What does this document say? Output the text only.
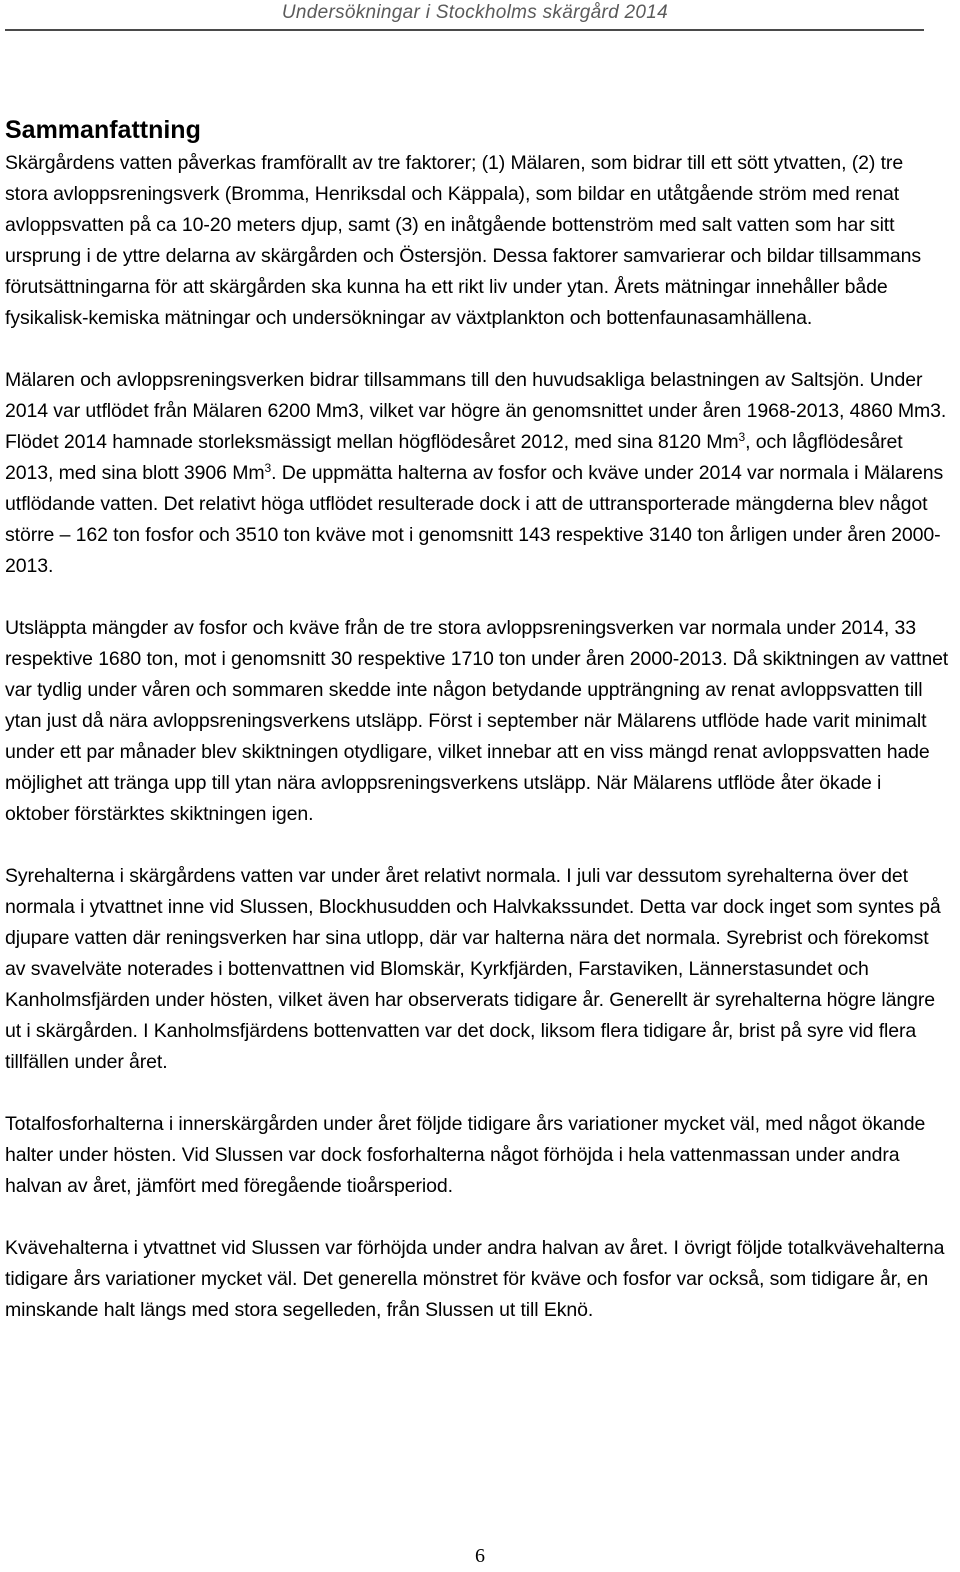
Undersökningar i Stockholms skärgård 2014
Sammanfattning

Skärgårdens vatten påverkas framförallt av tre faktorer; (1) Mälaren, som bidrar till ett sött ytvatten, (2) tre stora avloppsreningsverk (Bromma, Henriksdal och Käppala), som bildar en utåtgående ström med renat avloppsvatten på ca 10-20 meters djup, samt (3) en inåtgående bottenström med salt vatten som har sitt ursprung i de yttre delarna av skärgården och Östersjön. Dessa faktorer samvarierar och bildar tillsammans förutsättningarna för att skärgården ska kunna ha ett rikt liv under ytan. Årets mätningar innehåller både fysikalisk-kemiska mätningar och undersökningar av växtplankton och bottenfaunasamhällena.

Mälaren och avloppsreningsverken bidrar tillsammans till den huvudsakliga belastningen av Saltsjön. Under 2014 var utflödet från Mälaren 6200 Mm3, vilket var högre än genomsnittet under åren 1968-2013, 4860 Mm3. Flödet 2014 hamnade storleksmässigt mellan högflödesåret 2012, med sina 8120 Mm$^3$, och lågflödesåret 2013, med sina blott 3906 Mm$^3$. De uppmätta halterna av fosfor och kväve under 2014 var normala i Mälarens utflödande vatten. Det relativt höga utflödet resulterade dock i att de uttransporterade mängderna blev något större – 162 ton fosfor och 3510 ton kväve mot i genomsnitt 143 respektive 3140 ton årligen under åren 2000-2013.

Utsläppta mängder av fosfor och kväve från de tre stora avloppsreningsverken var normala under 2014, 33 respektive 1680 ton, mot i genomsnitt 30 respektive 1710 ton under åren 2000-2013. Då skiktningen av vattnet var tydlig under våren och sommaren skedde inte någon betydande uppträngning av renat avloppsvatten till ytan just då nära avloppsreningsverkens utsläpp. Först i september när Mälarens utflöde hade varit minimalt under ett par månader blev skiktningen otydligare, vilket innebar att en viss mängd renat avloppsvatten hade möjlighet att tränga upp till ytan nära avloppsreningsverkens utsläpp. När Mälarens utflöde åter ökade i oktober förstärktes skiktningen igen.

Syrehalterna i skärgårdens vatten var under året relativt normala. I juli var dessutom syrehalterna över det normala i ytvattnet inne vid Slussen, Blockhusudden och Halvkakssundet. Detta var dock inget som syntes på djupare vatten där reningsverken har sina utlopp, där var halterna nära det normala. Syrebrist och förekomst av svavelväte noterades i bottenvattnen vid Blomskär, Kyrkfjärden, Farstaviken, Lännerstasundet och Kanholmsfjärden under hösten, vilket även har observerats tidigare år. Generellt är syrehalterna högre längre ut i skärgården. I Kanholmsfjärdens bottenvatten var det dock, liksom flera tidigare år, brist på syre vid flera tillfällen under året.

Totalfosforhalterna i innerskärgården under året följde tidigare års variationer mycket väl, med något ökande halter under hösten. Vid Slussen var dock fosforhalterna något förhöjda i hela vattenmassan under andra halvan av året, jämfört med föregående tioårsperiod.

Kvävehalterna i ytvattnet vid Slussen var förhöjda under andra halvan av året. I övrigt följde totalkvävehalterna tidigare års variationer mycket väl. Det generella mönstret för kväve och fosfor var också, som tidigare år, en minskande halt längs med stora segelleden, från Slussen ut till Eknö.

6
